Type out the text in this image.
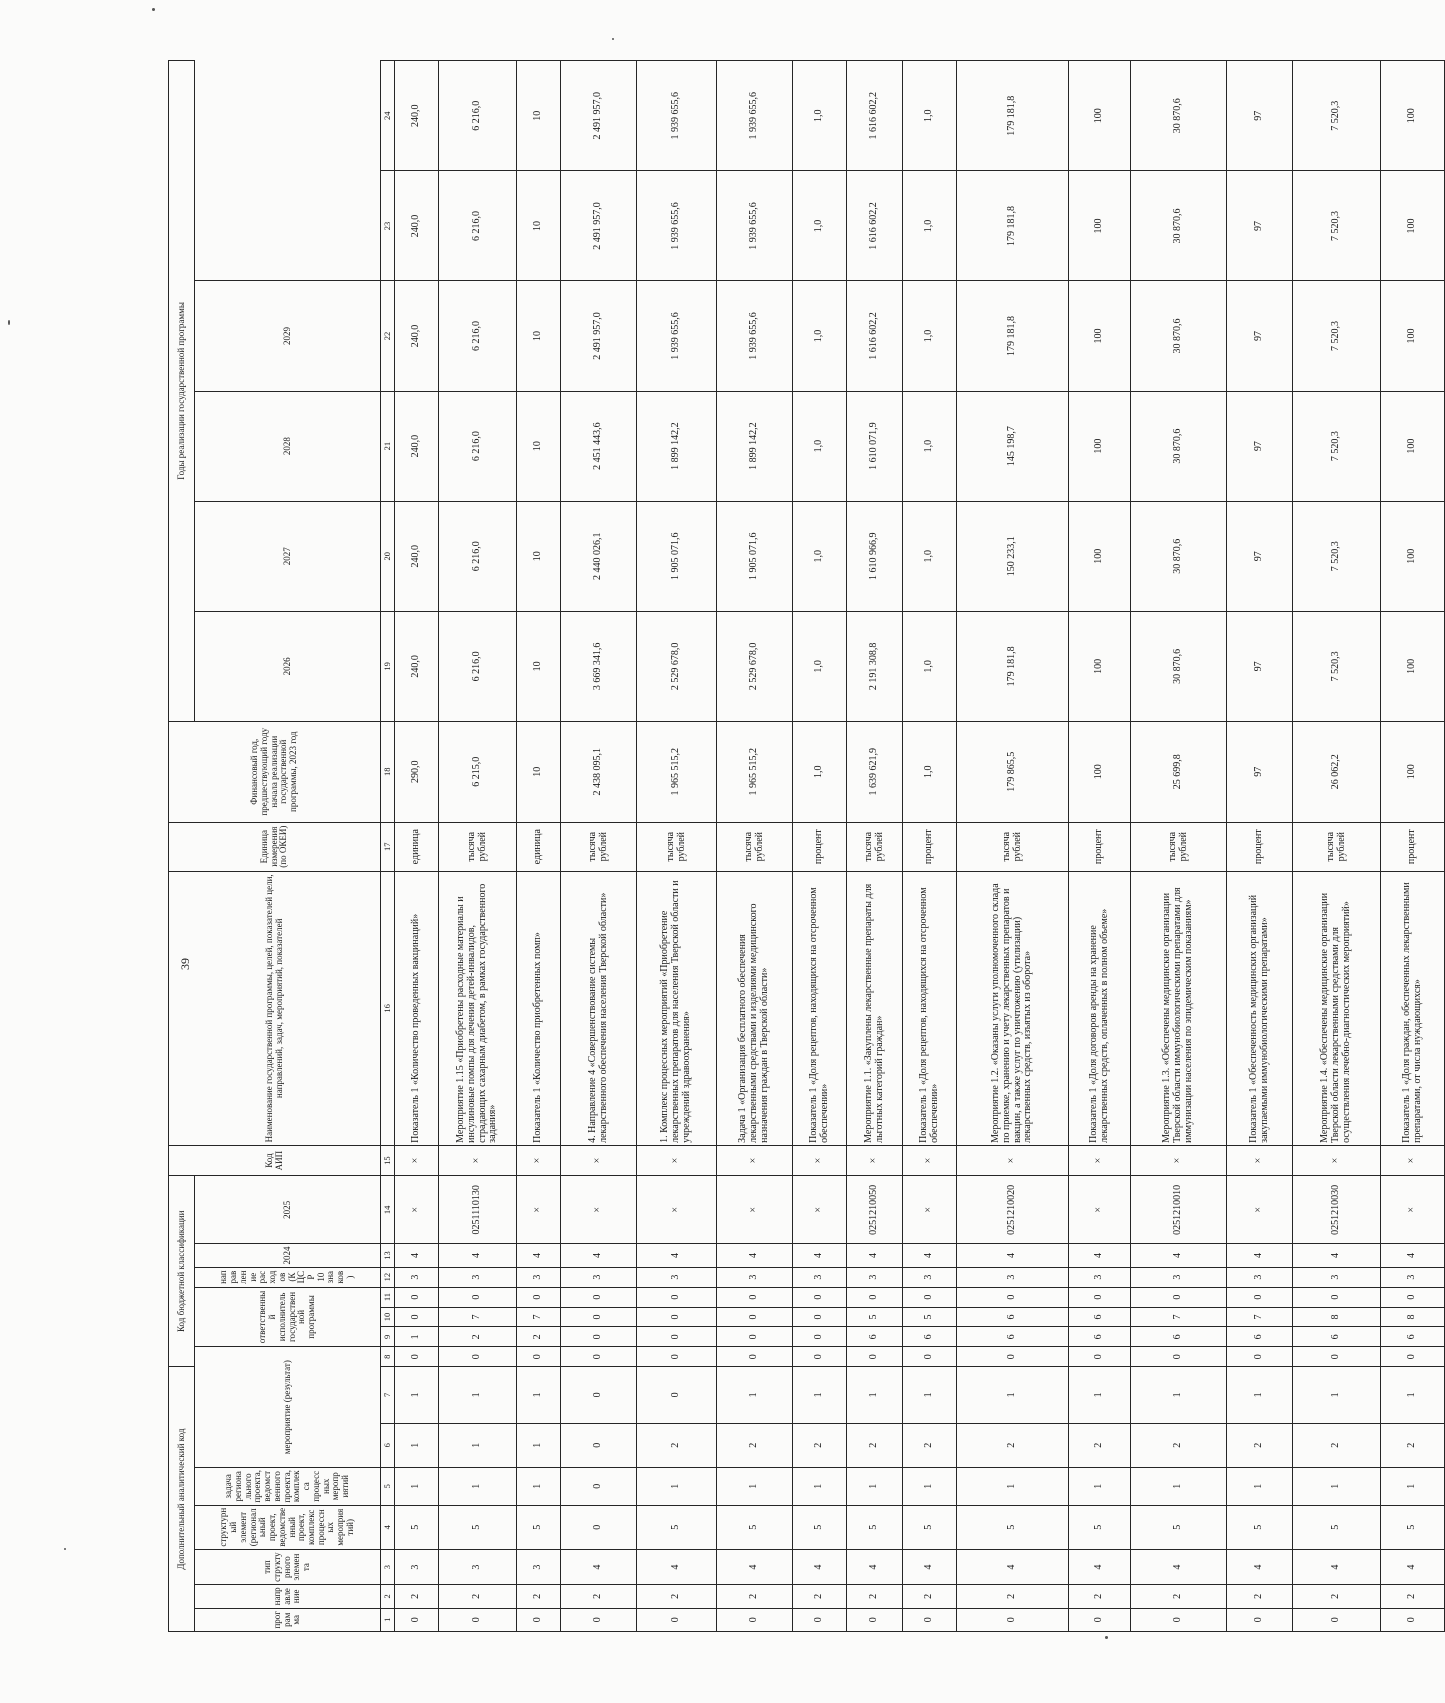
39
Дополнительный аналитический код							Код бюджетной классификации							Код АИП	Наименование государственной программы, целей, показателей цели, направлений, задач, мероприятий, показателей	Единица измерения (по ОКЕИ)	Финансовый год, предшествующий году начала реализации государственной программы, 2023 год	Годы реализации государственной программы					
программа	направление	тип структурного элемента	структурный элемент (региональный проект, ведомственный проект, комплекс процессных мероприятий)	задача регионального проекта, ведомственного проекта, комплекса процессных мероприятий	мероприятие (результат)			ответственный исполнитель государственной программы			направление расходов (КЦСР 10 знаков)	2024	2025					2026	2027	2028	2029		

1	2	3	4	5	6	7	8	9	10	11	12	13	14	15	16	17	18	19	20	21	22	23	24
0	2	3	5	1	1	1	0	1	0	0	3	4	×	×	Показатель 1 «Количество проведенных вакцинаций»	единица	290,0	240,0	240,0	240,0	240,0	240,0	240,0
0	2	3	5	1	1	1	0	2	7	0	3	4	0251110130	×	Мероприятие 1.15 «Приобретены расходные материалы и инсулиновые помпы для лечения детей-инвалидов, страдающих сахарным диабетом, в рамках государственного задания»	тысяча рублей	6 215,0	6 216,0	6 216,0	6 216,0	6 216,0	6 216,0	6 216,0
0	2	3	5	1	1	1	0	2	7	0	3	4	×	×	Показатель 1 «Количество приобретенных помп»	единица	10	10	10	10	10	10	10
0	2	4	0	0	0	0	0	0	0	0	3	4	×	×	4. Направление 4 «Совершенствование системы лекарственного обеспечения населения Тверской области»	тысяча рублей	2 438 095,1	3 669 341,6	2 440 026,1	2 451 443,6	2 491 957,0	2 491 957,0	2 491 957,0
0	2	4	5	1	2	0	0	0	0	0	3	4	×	×	1. Комплекс процессных мероприятий «Приобретение лекарственных препаратов для населения Тверской области и учреждений здравоохранения»	тысяча рублей	1 965 515,2	2 529 678,0	1 905 071,6	1 899 142,2	1 939 655,6	1 939 655,6	1 939 655,6
0	2	4	5	1	2	1	0	0	0	0	3	4	×	×	Задача 1 «Организация бесплатного обеспечения лекарственными средствами и изделиями медицинского назначения граждан в Тверской области»	тысяча рублей	1 965 515,2	2 529 678,0	1 905 071,6	1 899 142,2	1 939 655,6	1 939 655,6	1 939 655,6
0	2	4	5	1	2	1	0	0	0	0	3	4	×	×	Показатель 1 «Доля рецептов, находящихся на отсроченном обеспечении»	процент	1,0	1,0	1,0	1,0	1,0	1,0	1,0
0	2	4	5	1	2	1	0	6	5	0	3	4	0251210050	×	Мероприятие 1.1. «Закуплены лекарственные препараты для льготных категорий граждан»	тысяча рублей	1 639 621,9	2 191 308,8	1 610 966,9	1 610 071,9	1 616 602,2	1 616 602,2	1 616 602,2
0	2	4	5	1	2	1	0	6	5	0	3	4	×	×	Показатель 1 «Доля рецептов, находящихся на отсроченном обеспечении»	процент	1,0	1,0	1,0	1,0	1,0	1,0	1,0
0	2	4	5	1	2	1	0	6	6	0	3	4	0251210020	×	Мероприятие 1.2. «Оказаны услуги уполномоченного склада по приемке, хранению и учету лекарственных препаратов и вакцин, а также услуг по уничтожению (утилизации) лекарственных средств, изъятых из оборота»	тысяча рублей	179 865,5	179 181,8	150 233,1	145 198,7	179 181,8	179 181,8	179 181,8
0	2	4	5	1	2	1	0	6	6	0	3	4	×	×	Показатель 1 «Доля договоров аренды на хранение лекарственных средств, оплаченных в полном объеме»	процент	100	100	100	100	100	100	100
0	2	4	5	1	2	1	0	6	7	0	3	4	0251210010	×	Мероприятие 1.3. «Обеспечены медицинские организации Тверской области иммунобиологическими препаратами для иммунизации населения по эпидемическим показаниям»	тысяча рублей	25 699,8	30 870,6	30 870,6	30 870,6	30 870,6	30 870,6	30 870,6
0	2	4	5	1	2	1	0	6	7	0	3	4	×	×	Показатель 1 «Обеспеченность медицинских организаций закупаемыми иммунобиологическими препаратами»	процент	97	97	97	97	97	97	97
0	2	4	5	1	2	1	0	6	8	0	3	4	0251210030	×	Мероприятие 1.4. «Обеспечены медицинские организации Тверской области лекарственными средствами для осуществления лечебно-диагностических мероприятий»	тысяча рублей	26 062,2	7 520,3	7 520,3	7 520,3	7 520,3	7 520,3	7 520,3
0	2	4	5	1	2	1	0	6	8	0	3	4	×	×	Показатель 1 «Доля граждан, обеспеченных лекарственными препаратами, от числа нуждающихся»	процент	100	100	100	100	100	100	100
